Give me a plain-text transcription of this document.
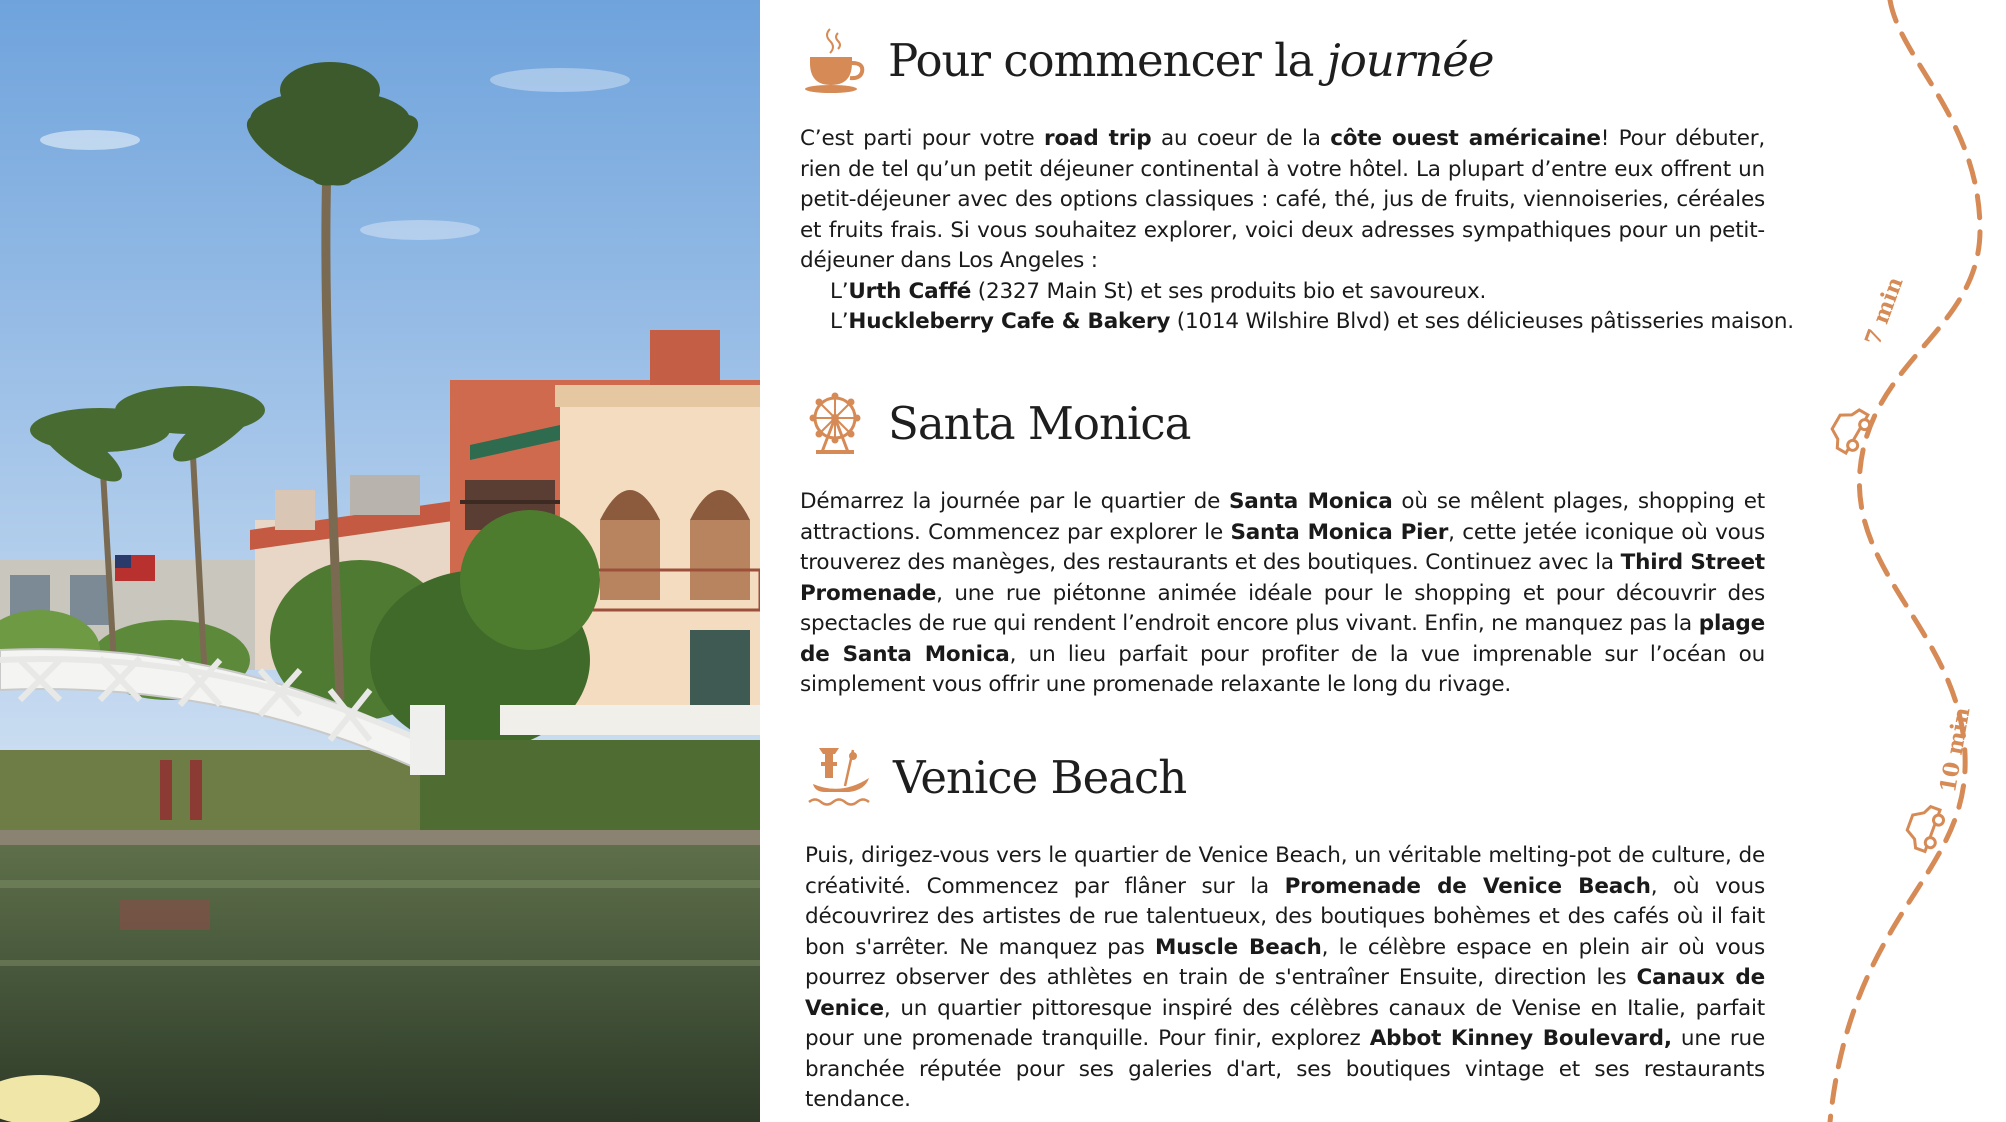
Pour commencer la journée
C’est parti pour votre road trip au coeur de la côte ouest américaine! Pour débuter, rien de tel qu’un petit déjeuner continental à votre hôtel. La plupart d’entre eux offrent un petit-déjeuner avec des options classiques : café, thé, jus de fruits, viennoiseries, céréales et fruits frais. Si vous souhaitez explorer, voici deux adresses sympathiques pour un petit-déjeuner dans Los Angeles :
L’Urth Caffé (2327 Main St) et ses produits bio et savoureux.
L’Huckleberry Cafe & Bakery (1014 Wilshire Blvd) et ses délicieuses pâtisseries maison.
Santa Monica
Démarrez la journée par le quartier de Santa Monica où se mêlent plages, shopping et attractions. Commencez par explorer le Santa Monica Pier, cette jetée iconique où vous trouverez des manèges, des restaurants et des boutiques. Continuez avec la Third Street Promenade, une rue piétonne animée idéale pour le shopping et pour découvrir des spectacles de rue qui rendent l’endroit encore plus vivant. Enfin, ne manquez pas la plage de Santa Monica, un lieu parfait pour profiter de la vue imprenable sur l’océan ou simplement vous offrir une promenade relaxante le long du rivage.
Venice Beach
Puis, dirigez-vous vers le quartier de Venice Beach, un véritable melting-pot de culture, de créativité. Commencez par flâner sur la Promenade de Venice Beach, où vous découvrirez des artistes de rue talentueux, des boutiques bohèmes et des cafés où il fait bon s'arrêter. Ne manquez pas Muscle Beach, le célèbre espace en plein air où vous pourrez observer des athlètes en train de s'entraîner Ensuite, direction les Canaux de Venice, un quartier pittoresque inspiré des célèbres canaux de Venise en Italie, parfait pour une promenade tranquille. Pour finir, explorez Abbot Kinney Boulevard, une rue branchée réputée pour ses galeries d'art, ses boutiques vintage et ses restaurants tendance.
7 min
10 min
